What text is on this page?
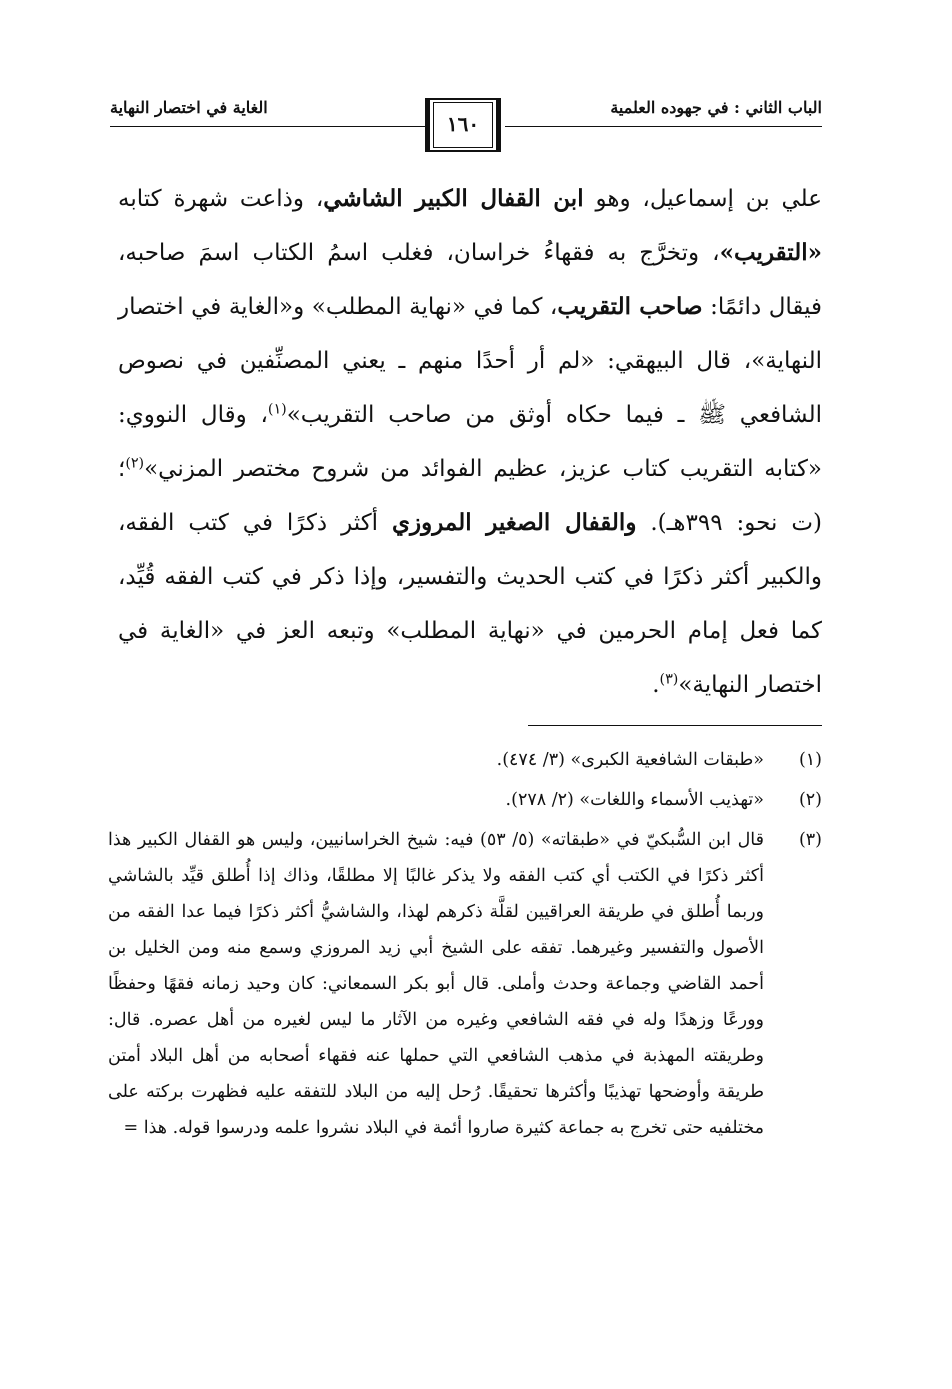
الباب الثاني : في جهوده العلمية
الغاية في اختصار النهاية
١٦٠

علي بن إسماعيل، وهو ابن القفال الكبير الشاشي، وذاعت شهرة كتابه «التقريب»، وتخرَّج به فقهاءُ خراسان، فغلب اسمُ الكتاب اسمَ صاحبه، فيقال دائمًا: صاحب التقريب، كما في «نهاية المطلب» و«الغاية في اختصار النهاية»، قال البيهقي: «لم أر أحدًا منهم ـ يعني المصنِّفين في نصوص الشافعي ﷺ ـ فيما حكاه أوثق من صاحب التقريب»$^{(١)}$، وقال النووي: «كتابه التقريب كتاب عزيز، عظيم الفوائد من شروح مختصر المزني»$^{(٢)}$؛ (ت نحو: ٣٩٩هـ). والقفال الصغير المروزي أكثر ذكرًا في كتب الفقه، والكبير أكثر ذكرًا في كتب الحديث والتفسير، وإذا ذكر في كتب الفقه قُيِّد، كما فعل إمام الحرمين في «نهاية المطلب» وتبعه العز في «الغاية في اختصار النهاية»$^{(٣)}$.

(١)
«طبقات الشافعية الكبرى» (٣/ ٤٧٤).
(٢)
«تهذيب الأسماء واللغات» (٢/ ٢٧٨).
(٣)
قال ابن السُّبكيّ في «طبقاته» (٥/ ٥٣) فيه: شيخ الخراسانيين، وليس هو القفال الكبير هذا أكثر ذكرًا في الكتب أي كتب الفقه ولا يذكر غالبًا إلا مطلقًا، وذاك إذا أُطلق قيِّد بالشاشي وربما أُطلق في طريقة العراقيين لقلَّة ذكرهم لهذا، والشاشيُّ أكثر ذكرًا فيما عدا الفقه من الأصول والتفسير وغيرهما. تفقه على الشيخ أبي زيد المروزي وسمع منه ومن الخليل بن أحمد القاضي وجماعة وحدث وأملى. قال أبو بكر السمعاني: كان وحيد زمانه فقهًا وحفظًا وورعًا وزهدًا وله في فقه الشافعي وغيره من الآثار ما ليس لغيره من أهل عصره. قال: وطريقته المهذبة في مذهب الشافعي التي حملها عنه فقهاء أصحابه من أهل البلاد أمتن طريقة وأوضحها تهذيبًا وأكثرها تحقيقًا. رُحل إليه من البلاد للتفقه عليه فظهرت بركته على مختلفيه حتى تخرج به جماعة كثيرة صاروا أئمة في البلاد نشروا علمه ودرسوا قوله. هذا =
